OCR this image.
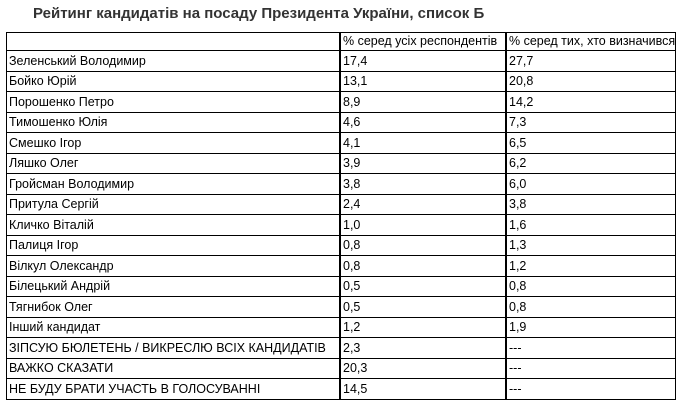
Рейтинг кандидатів на посаду Президента України, список Б
	% серед усіх респондентів	% серед тих, хто визначився
Зеленський Володимир	17,4	27,7
Бойко Юрій	13,1	20,8
Порошенко Петро	8,9	14,2
Тимошенко Юлія	4,6	7,3
Смешко Ігор	4,1	6,5
Ляшко Олег	3,9	6,2
Гройсман Володимир	3,8	6,0
Притула Сергій	2,4	3,8
Кличко Віталій	1,0	1,6
Палиця Ігор	0,8	1,3
Вілкул Олександр	0,8	1,2
Білецький Андрій	0,5	0,8
Тягнибок Олег	0,5	0,8
Інший кандидат	1,2	1,9
ЗІПСУЮ БЮЛЕТЕНЬ / ВИКРЕСЛЮ ВСІХ КАНДИДАТІВ	2,3	---
ВАЖКО СКАЗАТИ	20,3	---
НЕ БУДУ БРАТИ УЧАСТЬ В ГОЛОСУВАННІ	14,5	---
